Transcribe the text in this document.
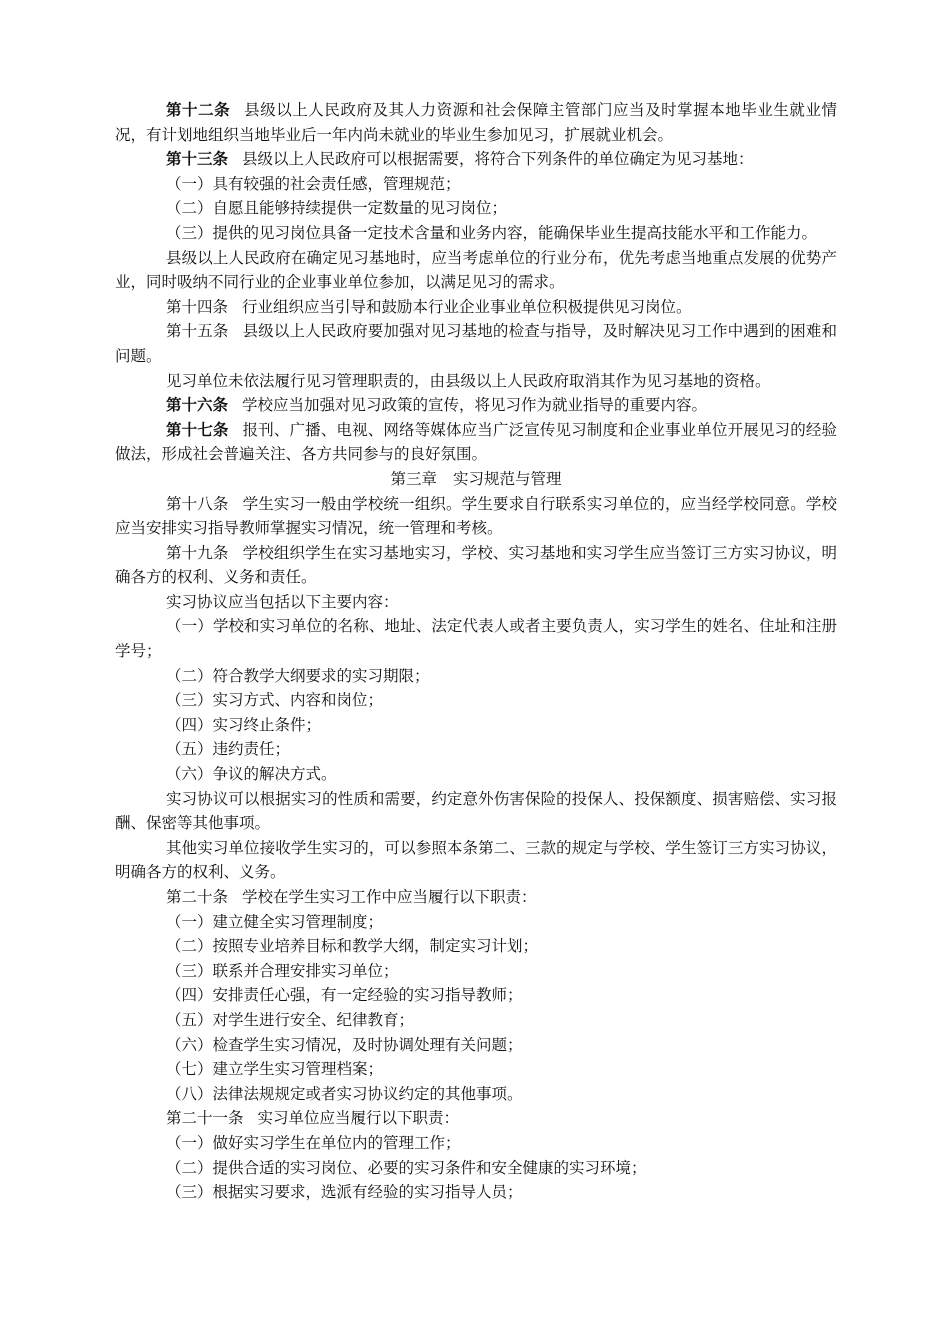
第十二条 县级以上人民政府及其人力资源和社会保障主管部门应当及时掌握本地毕业生就业情况，有计划地组织当地毕业后一年内尚未就业的毕业生参加见习，扩展就业机会。

第十三条 县级以上人民政府可以根据需要，将符合下列条件的单位确定为见习基地：

（一）具有较强的社会责任感，管理规范；

（二）自愿且能够持续提供一定数量的见习岗位；

（三）提供的见习岗位具备一定技术含量和业务内容，能确保毕业生提高技能水平和工作能力。

县级以上人民政府在确定见习基地时，应当考虑单位的行业分布，优先考虑当地重点发展的优势产业，同时吸纳不同行业的企业事业单位参加，以满足见习的需求。

第十四条 行业组织应当引导和鼓励本行业企业事业单位积极提供见习岗位。

第十五条 县级以上人民政府要加强对见习基地的检查与指导，及时解决见习工作中遇到的困难和问题。

见习单位未依法履行见习管理职责的，由县级以上人民政府取消其作为见习基地的资格。

第十六条 学校应当加强对见习政策的宣传，将见习作为就业指导的重要内容。

第十七条 报刊、广播、电视、网络等媒体应当广泛宣传见习制度和企业事业单位开展见习的经验做法，形成社会普遍关注、各方共同参与的良好氛围。

第三章 实习规范与管理

第十八条 学生实习一般由学校统一组织。学生要求自行联系实习单位的，应当经学校同意。学校应当安排实习指导教师掌握实习情况，统一管理和考核。

第十九条 学校组织学生在实习基地实习，学校、实习基地和实习学生应当签订三方实习协议，明确各方的权利、义务和责任。

实习协议应当包括以下主要内容：

（一）学校和实习单位的名称、地址、法定代表人或者主要负责人，实习学生的姓名、住址和注册学号；

（二）符合教学大纲要求的实习期限；

（三）实习方式、内容和岗位；

（四）实习终止条件；

（五）违约责任；

（六）争议的解决方式。

实习协议可以根据实习的性质和需要，约定意外伤害保险的投保人、投保额度、损害赔偿、实习报酬、保密等其他事项。

其他实习单位接收学生实习的，可以参照本条第二、三款的规定与学校、学生签订三方实习协议，明确各方的权利、义务。

第二十条 学校在学生实习工作中应当履行以下职责：

（一）建立健全实习管理制度；

（二）按照专业培养目标和教学大纲，制定实习计划；

（三）联系并合理安排实习单位；

（四）安排责任心强，有一定经验的实习指导教师；

（五）对学生进行安全、纪律教育；

（六）检查学生实习情况，及时协调处理有关问题；

（七）建立学生实习管理档案；

（八）法律法规规定或者实习协议约定的其他事项。

第二十一条 实习单位应当履行以下职责：

（一）做好实习学生在单位内的管理工作；

（二）提供合适的实习岗位、必要的实习条件和安全健康的实习环境；

（三）根据实习要求，选派有经验的实习指导人员；
